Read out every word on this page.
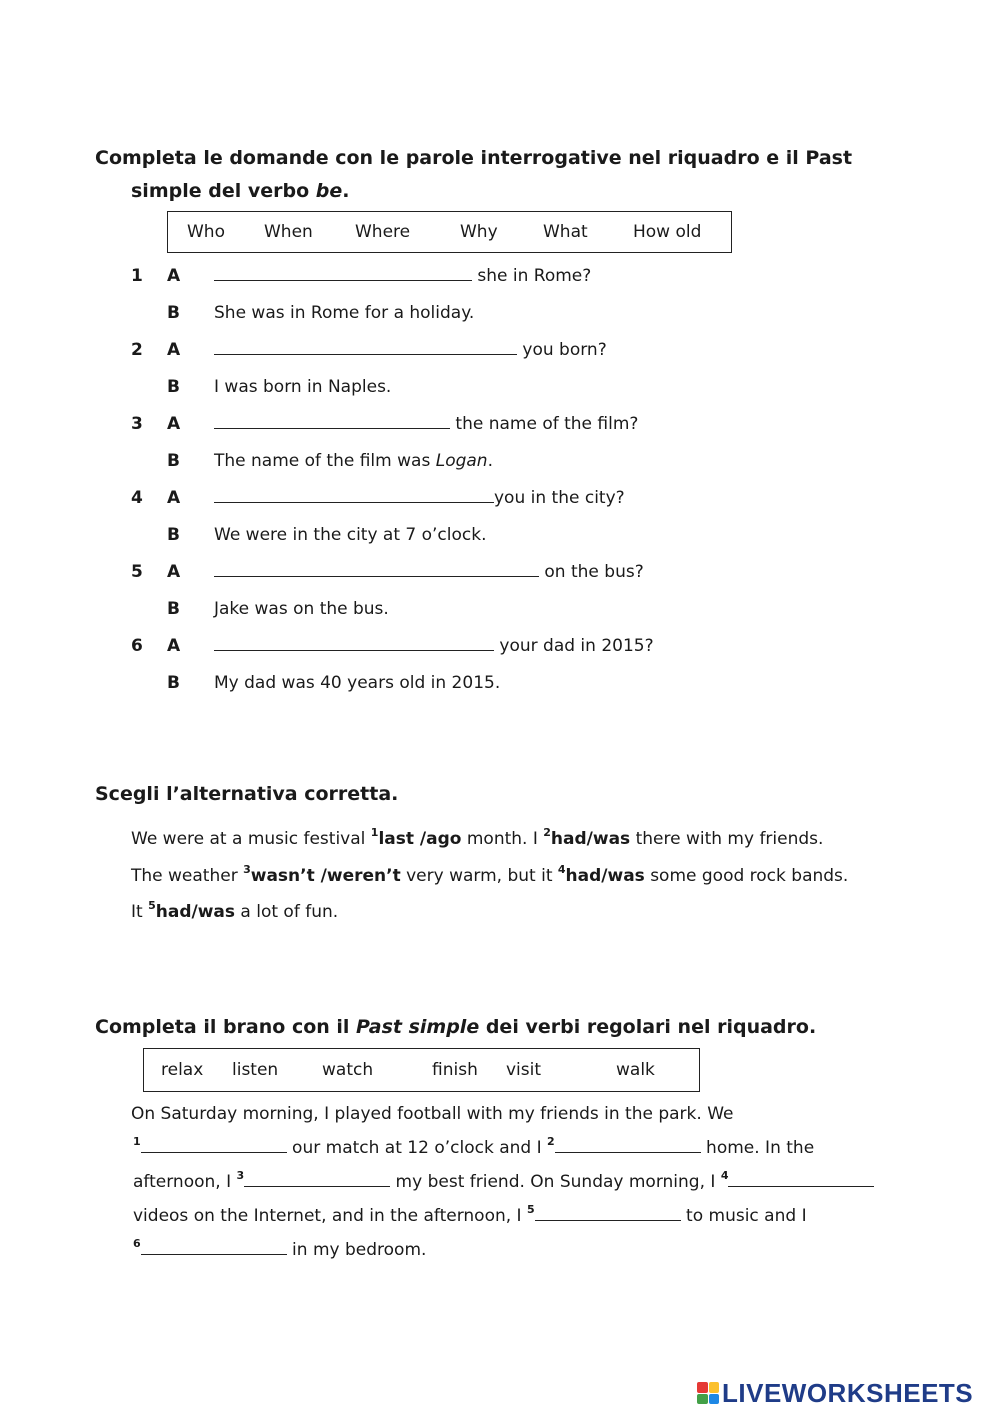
Completa le domande con le parole interrogative nel riquadro e il Past
simple del verbo be.
Who When Where	Why	What	How old
1 A	she in Rome?
B She was in Rome for a holiday.
2 A	you born?
B I was born in Naples.
3 A	the name of the film?
B The name of the film was Logan.
4 A	you in the city?
B We were in the city at 7 o’clock.
5 A	on the bus?
B Jake was on the bus.
6 A	your dad in 2015?
B My dad was 40 years old in 2015.
Scegli l’alternativa corretta.
We were at a music festival $^1$last /ago month. I $^2$had/was there with my friends.
The weather $^3$wasn’t /weren’t very warm, but it $^4$had/was some good rock bands.
It $^5$had/was a lot of fun.
Completa il brano con il Past simple dei verbi regolari nel riquadro.
relax listen	watch	finish visit	walk
On Saturday morning, I played football with my friends in the park. We
$^1$	our match at 12 o’clock and I $^2$	home. In the
afternoon, I $^3$	my best friend. On Sunday morning, I $^4$
videos on the Internet, and in the afternoon, I $^5$	to music and I
$^6$	in my bedroom.
LIVEWORKSHEETS
